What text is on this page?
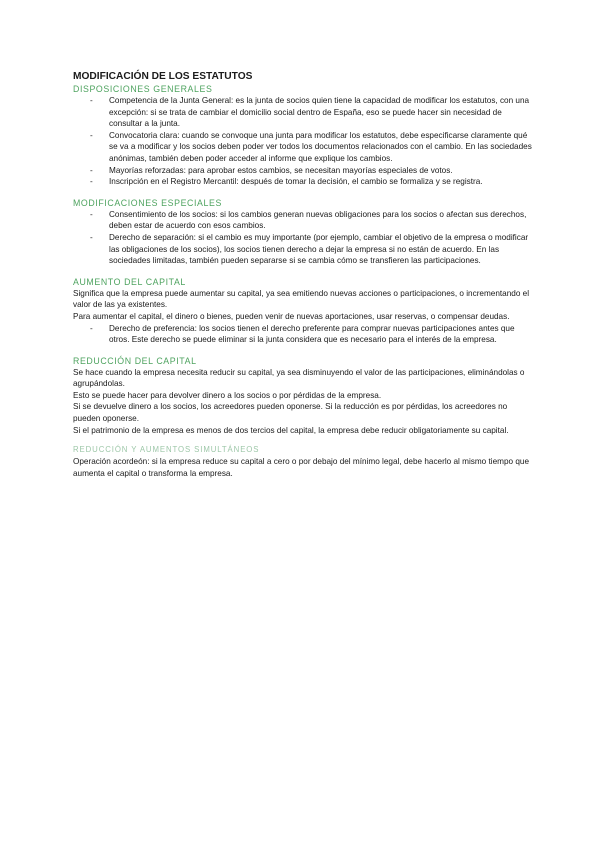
MODIFICACIÓN DE LOS ESTATUTOS
DISPOSICIONES GENERALES
- Competencia de la Junta General: es la junta de socios quien tiene la capacidad de modificar los estatutos, con una excepción: si se trata de cambiar el domicilio social dentro de España, eso se puede hacer sin necesidad de consultar a la junta.
- Convocatoria clara: cuando se convoque una junta para modificar los estatutos, debe especificarse claramente qué se va a modificar y los socios deben poder ver todos los documentos relacionados con el cambio. En las sociedades anónimas, también deben poder acceder al informe que explique los cambios.
- Mayorías reforzadas: para aprobar estos cambios, se necesitan mayorías especiales de votos.
- Inscripción en el Registro Mercantil: después de tomar la decisión, el cambio se formaliza y se registra.
MODIFICACIONES ESPECIALES
- Consentimiento de los socios: si los cambios generan nuevas obligaciones para los socios o afectan sus derechos, deben estar de acuerdo con esos cambios.
- Derecho de separación: si el cambio es muy importante (por ejemplo, cambiar el objetivo de la empresa o modificar las obligaciones de los socios), los socios tienen derecho a dejar la empresa si no están de acuerdo. En las sociedades limitadas, también pueden separarse si se cambia cómo se transfieren las participaciones.
AUMENTO DEL CAPITAL

Significa que la empresa puede aumentar su capital, ya sea emitiendo nuevas acciones o participaciones, o incrementando el valor de las ya existentes.

Para aumentar el capital, el dinero o bienes, pueden venir de nuevas aportaciones, usar reservas, o compensar deudas.

- Derecho de preferencia: los socios tienen el derecho preferente para comprar nuevas participaciones antes que otros. Este derecho se puede eliminar si la junta considera que es necesario para el interés de la empresa.
REDUCCIÓN DEL CAPITAL

Se hace cuando la empresa necesita reducir su capital, ya sea disminuyendo el valor de las participaciones, eliminándolas o agrupándolas.

Esto se puede hacer para devolver dinero a los socios o por pérdidas de la empresa.

Si se devuelve dinero a los socios, los acreedores pueden oponerse. Si la reducción es por pérdidas, los acreedores no pueden oponerse.

Si el patrimonio de la empresa es menos de dos tercios del capital, la empresa debe reducir obligatoriamente su capital.

REDUCCIÓN Y AUMENTOS SIMULTÁNEOS

Operación acordeón: si la empresa reduce su capital a cero o por debajo del mínimo legal, debe hacerlo al mismo tiempo que aumenta el capital o transforma la empresa.
